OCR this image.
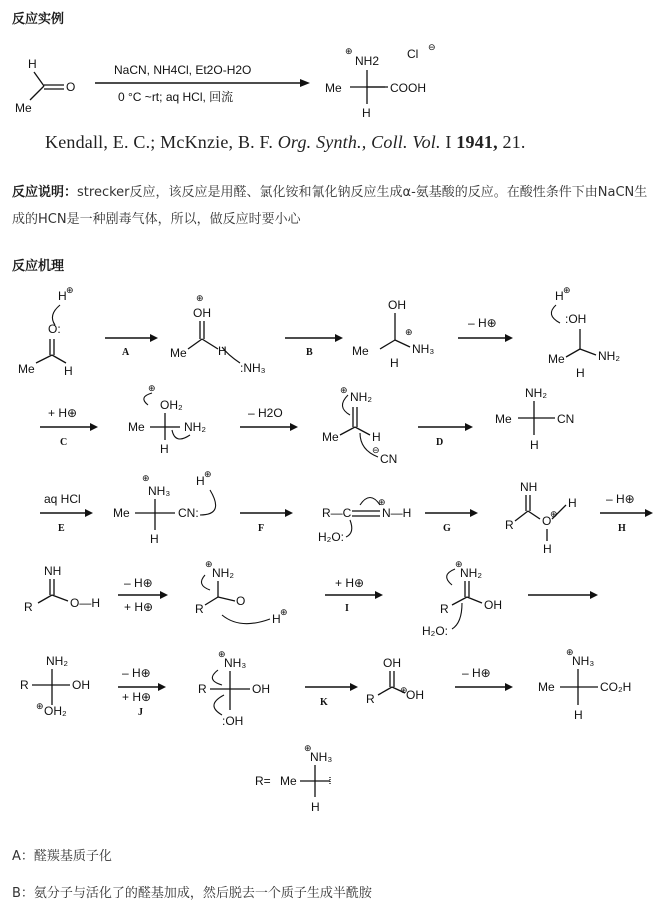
反应实例
H
Me
O
NaCN, NH4Cl, Et2O-H2O
0 °C ~rt; aq HCl, 回流
⊕
NH2 Cl ⊖
Me	COOH
H
Kendall, E. C.; McKnzie, B. F. Org. Synth., Coll. Vol. I 1941, 21.
反应说明：strecker反应，该反应是用醛、氯化铵和氰化钠反应生成α-氨基酸的反应。在酸性条件下由NaCN生成的HCN是一种剧毒气体，所以，做反应时要小心
反应机理
H ⊕
O:
Me H
A
⊕
OH
Me	H
:NH₃
B
OH
Me
⊕
NH₃
H
– H⊕
H ⊕
:OH
Me	NH₂
H
+ H⊕
C
⊕
OH₂
Me	NH₂
H
– H2O
⊕ NH₂
Me	H
⊖
CN
D
NH₂
Me	CN
H
aq HCl
E
⊕
NH₃
Me	CN:
H
H ⊕
F
R—C	N—H
⊕
H₂O:
G
NH
R O
⊕
H
H
– H⊕
H
NH
R	O—H
– H⊕
+ H⊕
⊕
NH₂
R
O
H ⊕
+ H⊕
I
⊕
NH₂
R	OH
H₂O:
NH₂
R	OH
⊕ OH₂
– H⊕
+ H⊕
J
⊕
NH₃
R	OH
:OH
K
OH
R	OH
⊕
– H⊕
⊕
NH₃
Me	CO₂H
H
R= Me
⊕
NH₃
H
A：醛羰基质子化
B：氨分子与活化了的醛基加成，然后脱去一个质子生成半酰胺
